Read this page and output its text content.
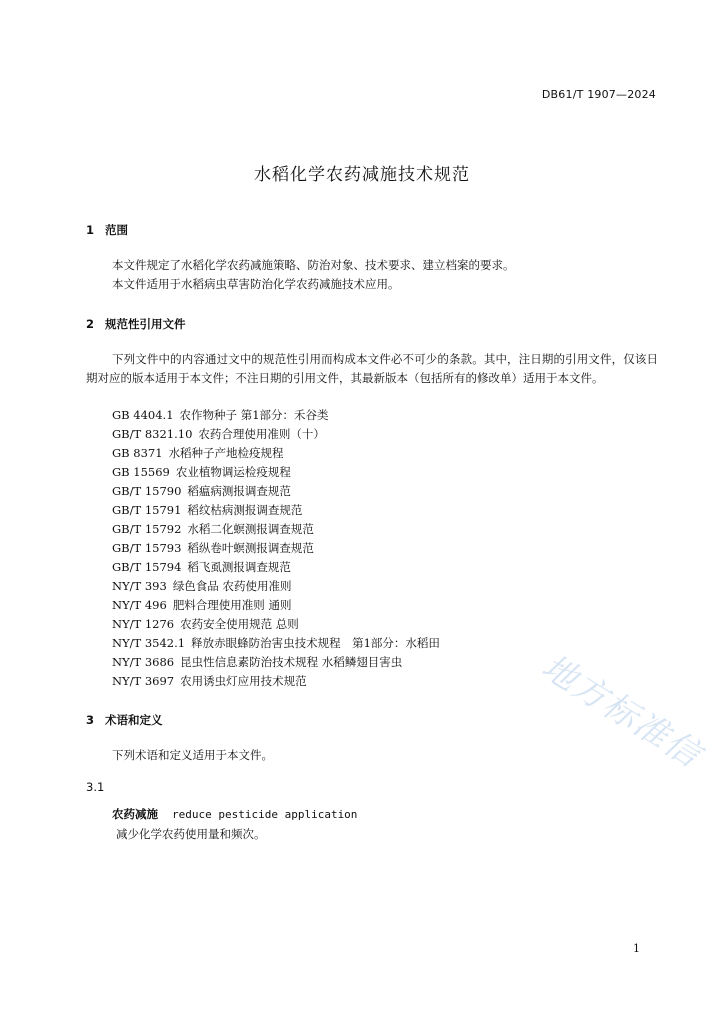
DB61/T 1907—2024
水稻化学农药减施技术规范
1 范围
本文件规定了水稻化学农药减施策略、防治对象、技术要求、建立档案的要求。
本文件适用于水稻病虫草害防治化学农药减施技术应用。
2 规范性引用文件
下列文件中的内容通过文中的规范性引用而构成本文件必不可少的条款。其中，注日期的引用文件，仅该日期对应的版本适用于本文件；不注日期的引用文件，其最新版本（包括所有的修改单）适用于本文件。
GB 4404.1 农作物种子 第1部分：禾谷类
GB/T 8321.10 农药合理使用准则（十）
GB 8371 水稻种子产地检疫规程
GB 15569 农业植物调运检疫规程
GB/T 15790 稻瘟病测报调查规范
GB/T 15791 稻纹枯病测报调查规范
GB/T 15792 水稻二化螟测报调查规范
GB/T 15793 稻纵卷叶螟测报调查规范
GB/T 15794 稻飞虱测报调查规范
NY/T 393 绿色食品 农药使用准则
NY/T 496 肥料合理使用准则 通则
NY/T 1276 农药安全使用规范 总则
NY/T 3542.1 释放赤眼蜂防治害虫技术规程　第1部分：水稻田
NY/T 3686 昆虫性信息素防治技术规程 水稻鳞翅目害虫
NY/T 3697 农用诱虫灯应用技术规范
3 术语和定义
下列术语和定义适用于本文件。
3.1
农药减施 reduce pesticide application
减少化学农药使用量和频次。
1
地方标准信
